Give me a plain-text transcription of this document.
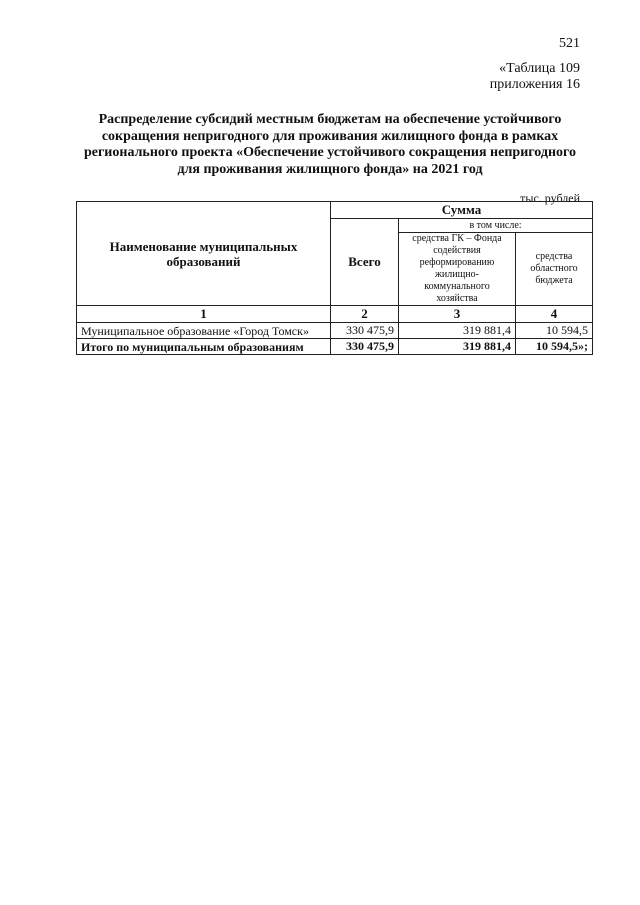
521
«Таблица 109
приложения 16
Распределение субсидий местным бюджетам на обеспечение устойчивого
сокращения непригодного для проживания жилищного фонда в рамках
регионального проекта «Обеспечение устойчивого сокращения непригодного
для проживания жилищного фонда» на 2021 год
тыс. рублей
Наименование муниципальных образований	Сумма		
	Всего	в том числе:	
		средства ГК – Фонда содействия реформированию жилищно-коммунального хозяйства	средства областного бюджета
1	2	3	4
Муниципальное образование «Город Томск»	330 475,9	319 881,4	10 594,5
Итого по муниципальным образованиям	330 475,9	319 881,4	10 594,5»;
